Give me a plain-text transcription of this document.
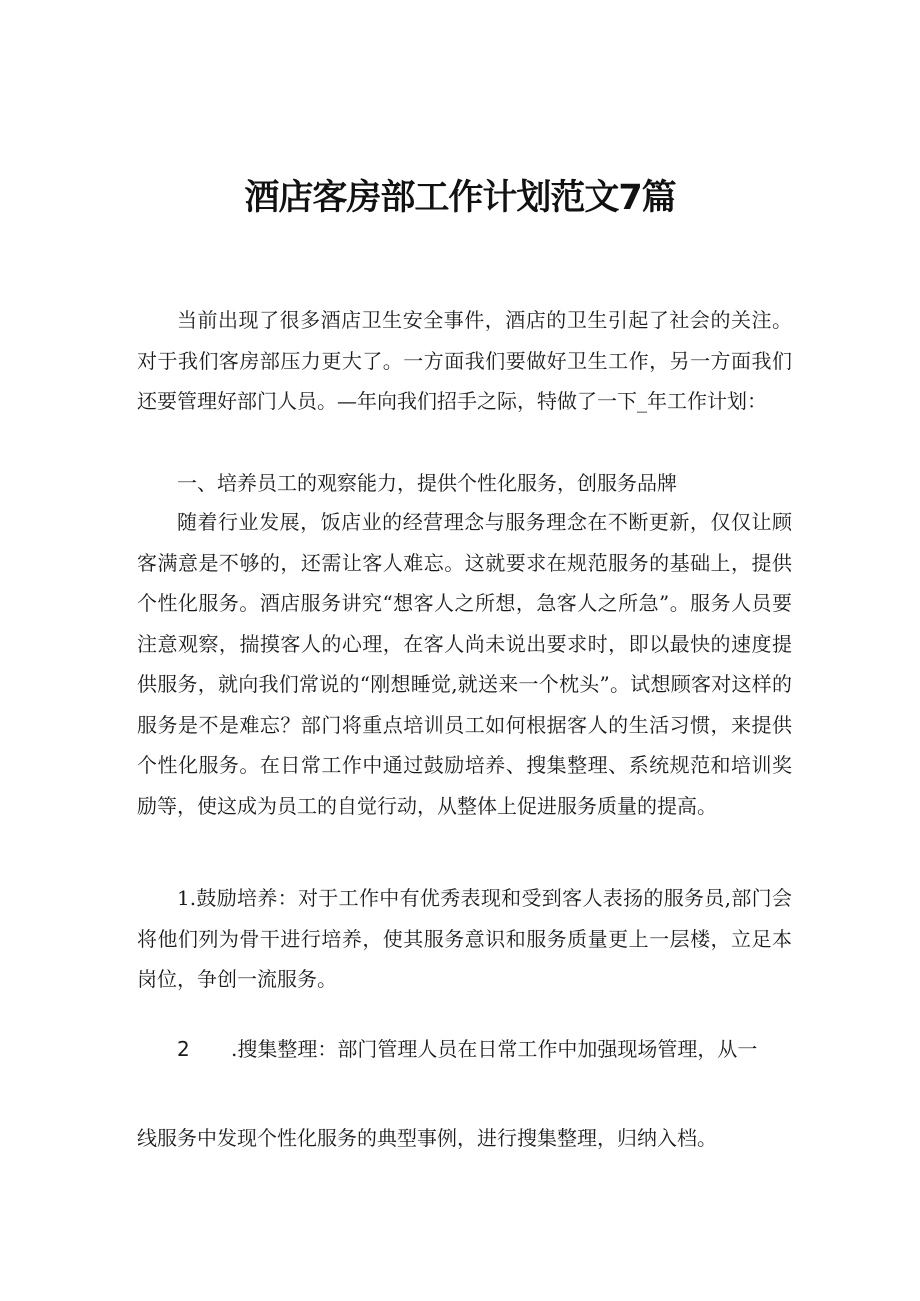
酒店客房部工作计划范文7篇

当前出现了很多酒店卫生安全事件，酒店的卫生引起了社会的关注。对于我们客房部压力更大了。一方面我们要做好卫生工作，另一方面我们还要管理好部门人员。—年向我们招手之际，特做了一下_年工作计划：

一、培养员工的观察能力，提供个性化服务，创服务品牌

随着行业发展，饭店业的经营理念与服务理念在不断更新，仅仅让顾客满意是不够的，还需让客人难忘。这就要求在规范服务的基础上，提供个性化服务。酒店服务讲究“想客人之所想，急客人之所急”。服务人员要注意观察，揣摸客人的心理，在客人尚未说出要求时，即以最快的速度提供服务，就向我们常说的“刚想睡觉,就送来一个枕头”。试想顾客对这样的服务是不是难忘？部门将重点培训员工如何根据客人的生活习惯，来提供个性化服务。在日常工作中通过鼓励培养、搜集整理、系统规范和培训奖励等，使这成为员工的自觉行动，从整体上促进服务质量的提高。

1.鼓励培养：对于工作中有优秀表现和受到客人表扬的服务员,部门会将他们列为骨干进行培养，使其服务意识和服务质量更上一层楼，立足本岗位，争创一流服务。

2 .搜集整理：部门管理人员在日常工作中加强现场管理，从一
线服务中发现个性化服务的典型事例，进行搜集整理，归纳入档。
